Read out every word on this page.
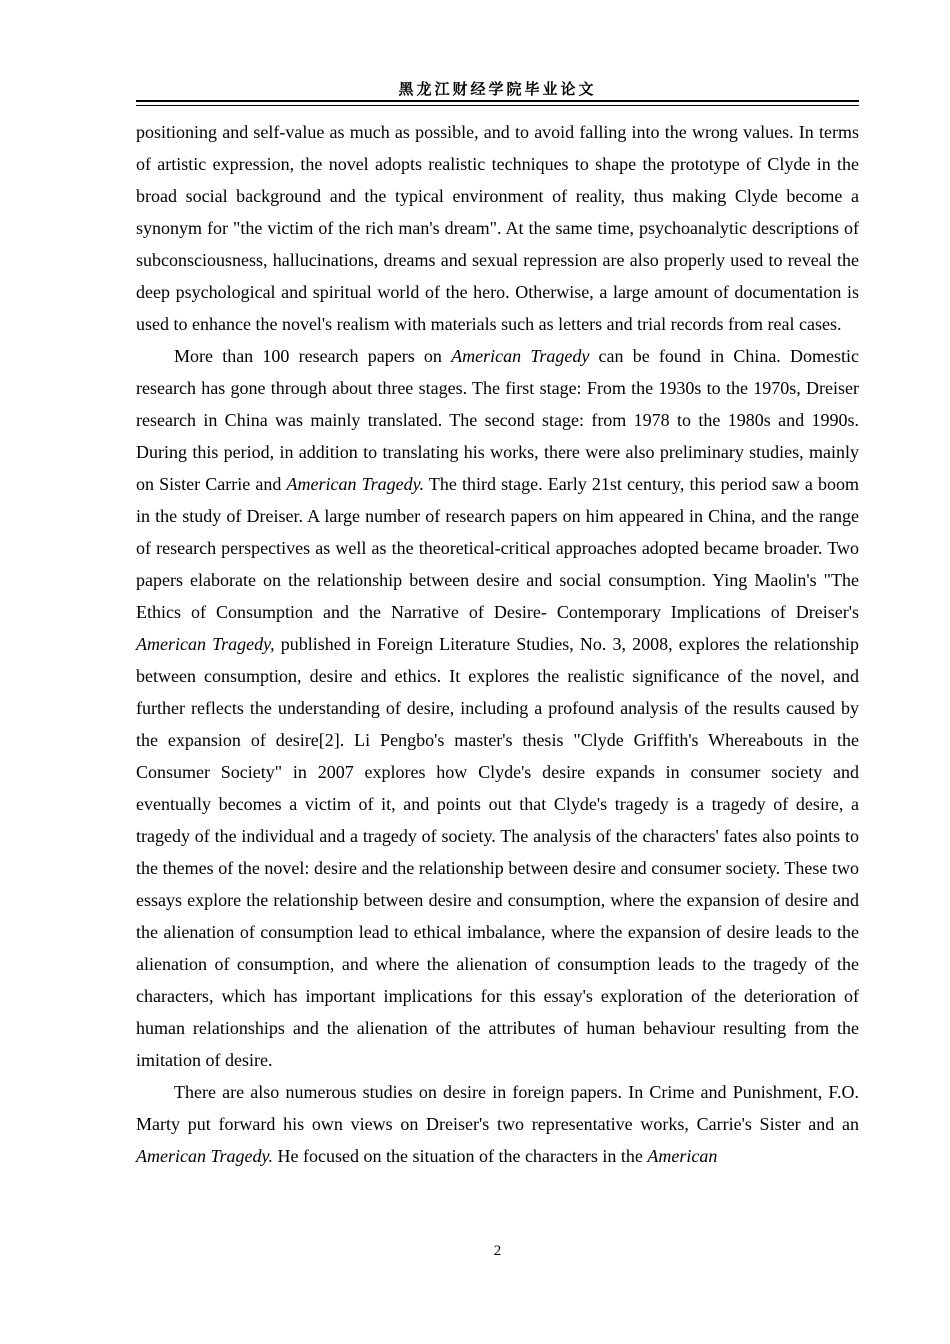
黑龙江财经学院毕业论文

positioning and self-value as much as possible, and to avoid falling into the wrong values. In terms of artistic expression, the novel adopts realistic techniques to shape the prototype of Clyde in the broad social background and the typical environment of reality, thus making Clyde become a synonym for "the victim of the rich man's dream". At the same time, psychoanalytic descriptions of subconsciousness, hallucinations, dreams and sexual repression are also properly used to reveal the deep psychological and spiritual world of the hero. Otherwise, a large amount of documentation is used to enhance the novel's realism with materials such as letters and trial records from real cases.

More than 100 research papers on American Tragedy can be found in China. Domestic research has gone through about three stages. The first stage: From the 1930s to the 1970s, Dreiser research in China was mainly translated. The second stage: from 1978 to the 1980s and 1990s. During this period, in addition to translating his works, there were also preliminary studies, mainly on Sister Carrie and American Tragedy. The third stage. Early 21st century, this period saw a boom in the study of Dreiser. A large number of research papers on him appeared in China, and the range of research perspectives as well as the theoretical-critical approaches adopted became broader. Two papers elaborate on the relationship between desire and social consumption. Ying Maolin's "The Ethics of Consumption and the Narrative of Desire- Contemporary Implications of Dreiser's American Tragedy, published in Foreign Literature Studies, No. 3, 2008, explores the relationship between consumption, desire and ethics. It explores the realistic significance of the novel, and further reflects the understanding of desire, including a profound analysis of the results caused by the expansion of desire[2]. Li Pengbo's master's thesis "Clyde Griffith's Whereabouts in the Consumer Society" in 2007 explores how Clyde's desire expands in consumer society and eventually becomes a victim of it, and points out that Clyde's tragedy is a tragedy of desire, a tragedy of the individual and a tragedy of society. The analysis of the characters' fates also points to the themes of the novel: desire and the relationship between desire and consumer society. These two essays explore the relationship between desire and consumption, where the expansion of desire and the alienation of consumption lead to ethical imbalance, where the expansion of desire leads to the alienation of consumption, and where the alienation of consumption leads to the tragedy of the characters, which has important implications for this essay's exploration of the deterioration of human relationships and the alienation of the attributes of human behaviour resulting from the imitation of desire.

There are also numerous studies on desire in foreign papers. In Crime and Punishment, F.O. Marty put forward his own views on Dreiser's two representative works, Carrie's Sister and an American Tragedy. He focused on the situation of the characters in the American

2
